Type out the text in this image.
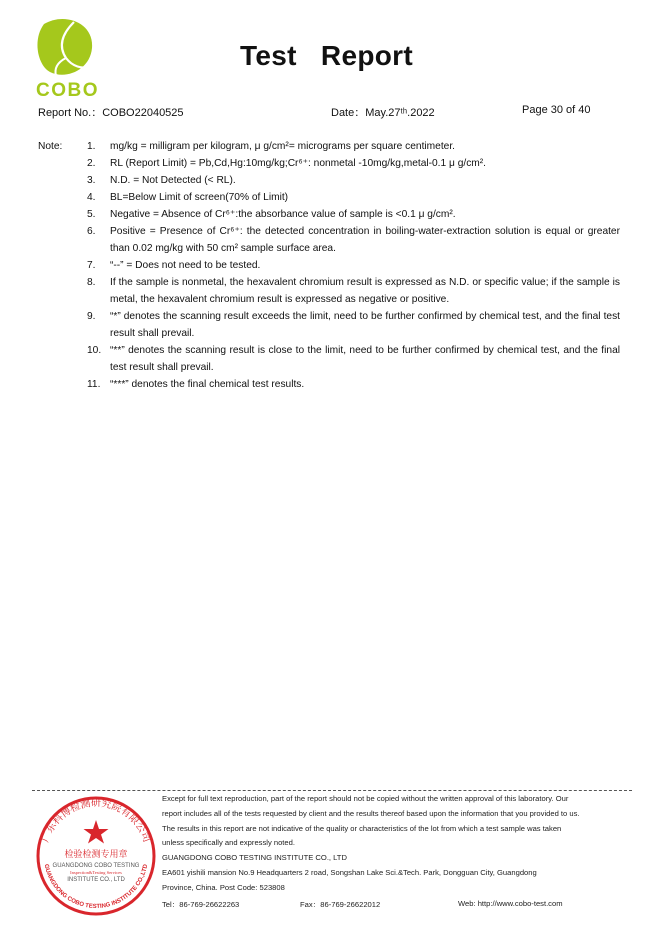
COBO
Test   Report
Report No.：COBO22040525	Date：May.27ᵗʰ.2022	Page 30 of 40
Note: 1. mg/kg = milligram per kilogram, μ g/cm²= micrograms per square centimeter.
2. RL (Report Limit) = Pb,Cd,Hg:10mg/kg;Cr⁶⁺: nonmetal -10mg/kg,metal-0.1 μ g/cm².
3. N.D. = Not Detected (< RL).
4. BL=Below Limit of screen(70% of Limit)
5. Negative = Absence of Cr⁶⁺:the absorbance value of sample is <0.1 μ g/cm².
6. Positive = Presence of Cr⁶⁺: the detected concentration in boiling-water-extraction solution is equal or greater than 0.02 mg/kg with 50 cm² sample surface area.
7. “--” = Does not need to be tested.
8. If the sample is nonmetal, the hexavalent chromium result is expressed as N.D. or specific value; if the sample is metal, the hexavalent chromium result is expressed as negative or positive.
9. “*” denotes the scanning result exceeds the limit, need to be further confirmed by chemical test, and the final test result shall prevail.
10. “**” denotes the scanning result is close to the limit, need to be further confirmed by chemical test, and the final test result shall prevail.
11. “***” denotes the final chemical test results.
广东科博检测研究院有限公司
检验检测专用章
GUANGDONG COBO TESTING
Inspection&Testing Services
INSTITUTE CO., LTD
GUANGDONG COBO TESTING INSTITUTE CO.,LTD
Except for full text reproduction, part of the report should not be copied without the written approval of this laboratory. Our
report includes all of the tests requested by client and the results thereof based upon the information that you provided to us.
The results in this report are not indicative of the quality or characteristics of the lot from which a test sample was taken
unless specifically and expressly noted.
GUANGDONG COBO TESTING INSTITUTE CO., LTD
EA601 yishili mansion No.9 Headquarters 2 road, Songshan Lake Sci.&Tech. Park, Dongguan City, Guangdong
Province, China. Post Code: 523808
Tel：86-769-26622263	Fax：86-769-26622012	Web: http://www.cobo-test.com
